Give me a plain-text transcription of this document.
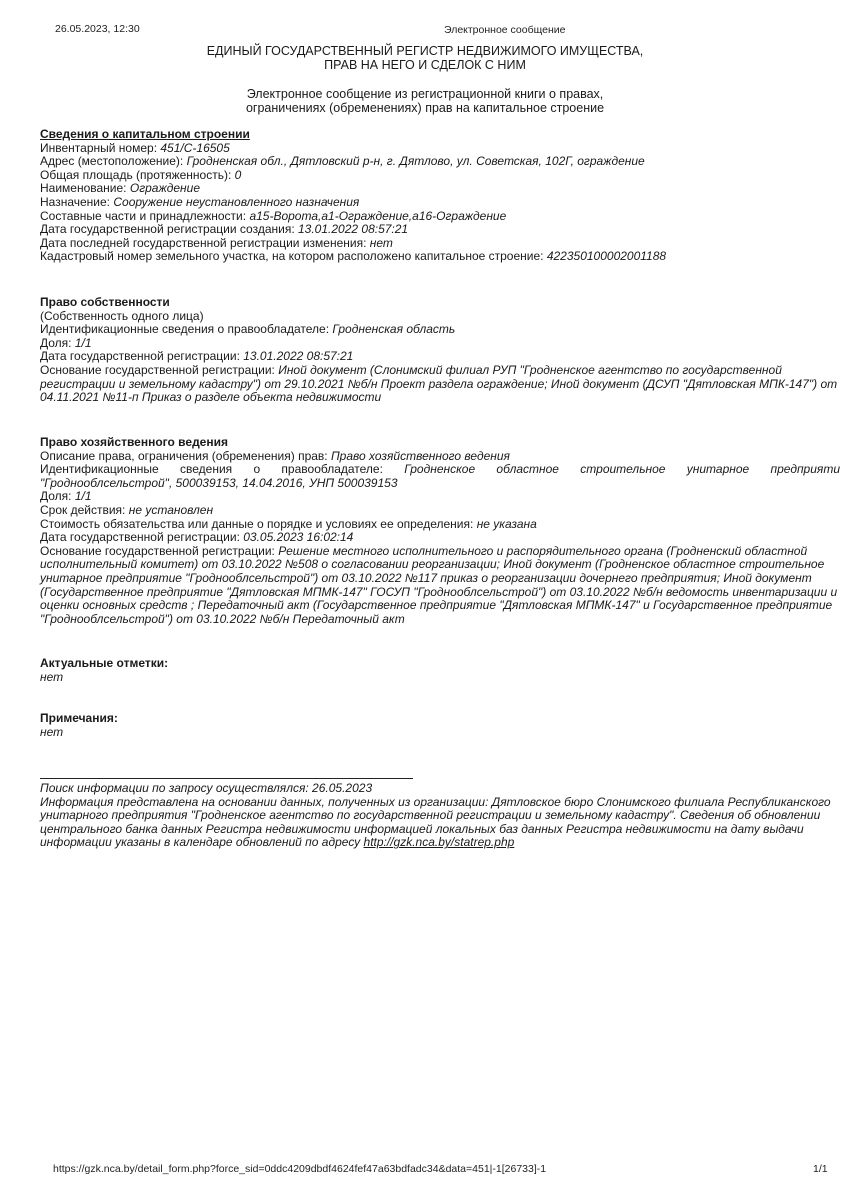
26.05.2023, 12:30	Электронное сообщение
ЕДИНЫЙ ГОСУДАРСТВЕННЫЙ РЕГИСТР НЕДВИЖИМОГО ИМУЩЕСТВА,
ПРАВ НА НЕГО И СДЕЛОК С НИМ
Электронное сообщение из регистрационной книги о правах,
ограничениях (обременениях) прав на капитальное строение
Сведения о капитальном строении
Инвентарный номер: 451/C-16505
Адрес (местоположение): Гродненская обл., Дятловский р-н, г. Дятлово, ул. Советская, 102Г, ограждение
Общая площадь (протяженность): 0
Наименование: Ограждение
Назначение: Сооружение неустановленного назначения
Составные части и принадлежности: а15-Ворота,а1-Ограждение,а16-Ограждение
Дата государственной регистрации создания: 13.01.2022 08:57:21
Дата последней государственной регистрации изменения: нет
Кадастровый номер земельного участка, на котором расположено капитальное строение: 422350100002001188
Право собственности
(Собственность одного лица)
Идентификационные сведения о правообладателе: Гродненская область
Доля: 1/1
Дата государственной регистрации: 13.01.2022 08:57:21
Основание государственной регистрации: Иной документ (Слонимский филиал РУП "Гродненское агентство по государственной регистрации и земельному кадастру") от 29.10.2021 №б/н Проект раздела ограждение; Иной документ (ДСУП "Дятловская МПК-147") от 04.11.2021 №11-п Приказ о разделе объекта недвижимости
Право хозяйственного ведения
Описание права, ограничения (обременения) прав: Право хозяйственного ведения
Идентификационные сведения о правообладателе: Гродненское областное строительное унитарное предприяти
"Гроднооблсельстрой", 500039153, 14.04.2016, УНП 500039153
Доля: 1/1
Срок действия: не установлен
Стоимость обязательства или данные о порядке и условиях ее определения: не указана
Дата государственной регистрации: 03.05.2023 16:02:14
Основание государственной регистрации: Решение местного исполнительного и распорядительного органа (Гродненский областной исполнительный комитет) от 03.10.2022 №508 о согласовании реорганизации; Иной документ (Гродненское областное строительное унитарное предприятие "Гроднооблсельстрой") от 03.10.2022 №117 приказ о реорганизации дочернего предприятия; Иной документ (Государственное предприятие "Дятловская МПМК-147" ГОСУП "Гроднооблсельстрой") от 03.10.2022 №б/н ведомость инвентаризации и оценки основных средств ; Передаточный акт (Государственное предприятие "Дятловская МПМК-147" и Государственное предприятие "Гроднооблсельстрой") от 03.10.2022 №б/н Передаточный акт
Актуальные отметки:
нет
Примечания:
нет
Поиск информации по запросу осуществлялся: 26.05.2023
Информация представлена на основании данных, полученных из организации: Дятловское бюро Слонимского филиала Республиканского унитарного предприятия "Гродненское агентство по государственной регистрации и земельному кадастру". Сведения об обновлении центрального банка данных Регистра недвижимости информацией локальных баз данных Регистра недвижимости на дату выдачи информации указаны в календаре обновлений по адресу http://gzk.nca.by/statrep.php
https://gzk.nca.by/detail_form.php?force_sid=0ddc4209dbdf4624fef47a63bdfadc34&data=451|-1[26733]-1	1/1
